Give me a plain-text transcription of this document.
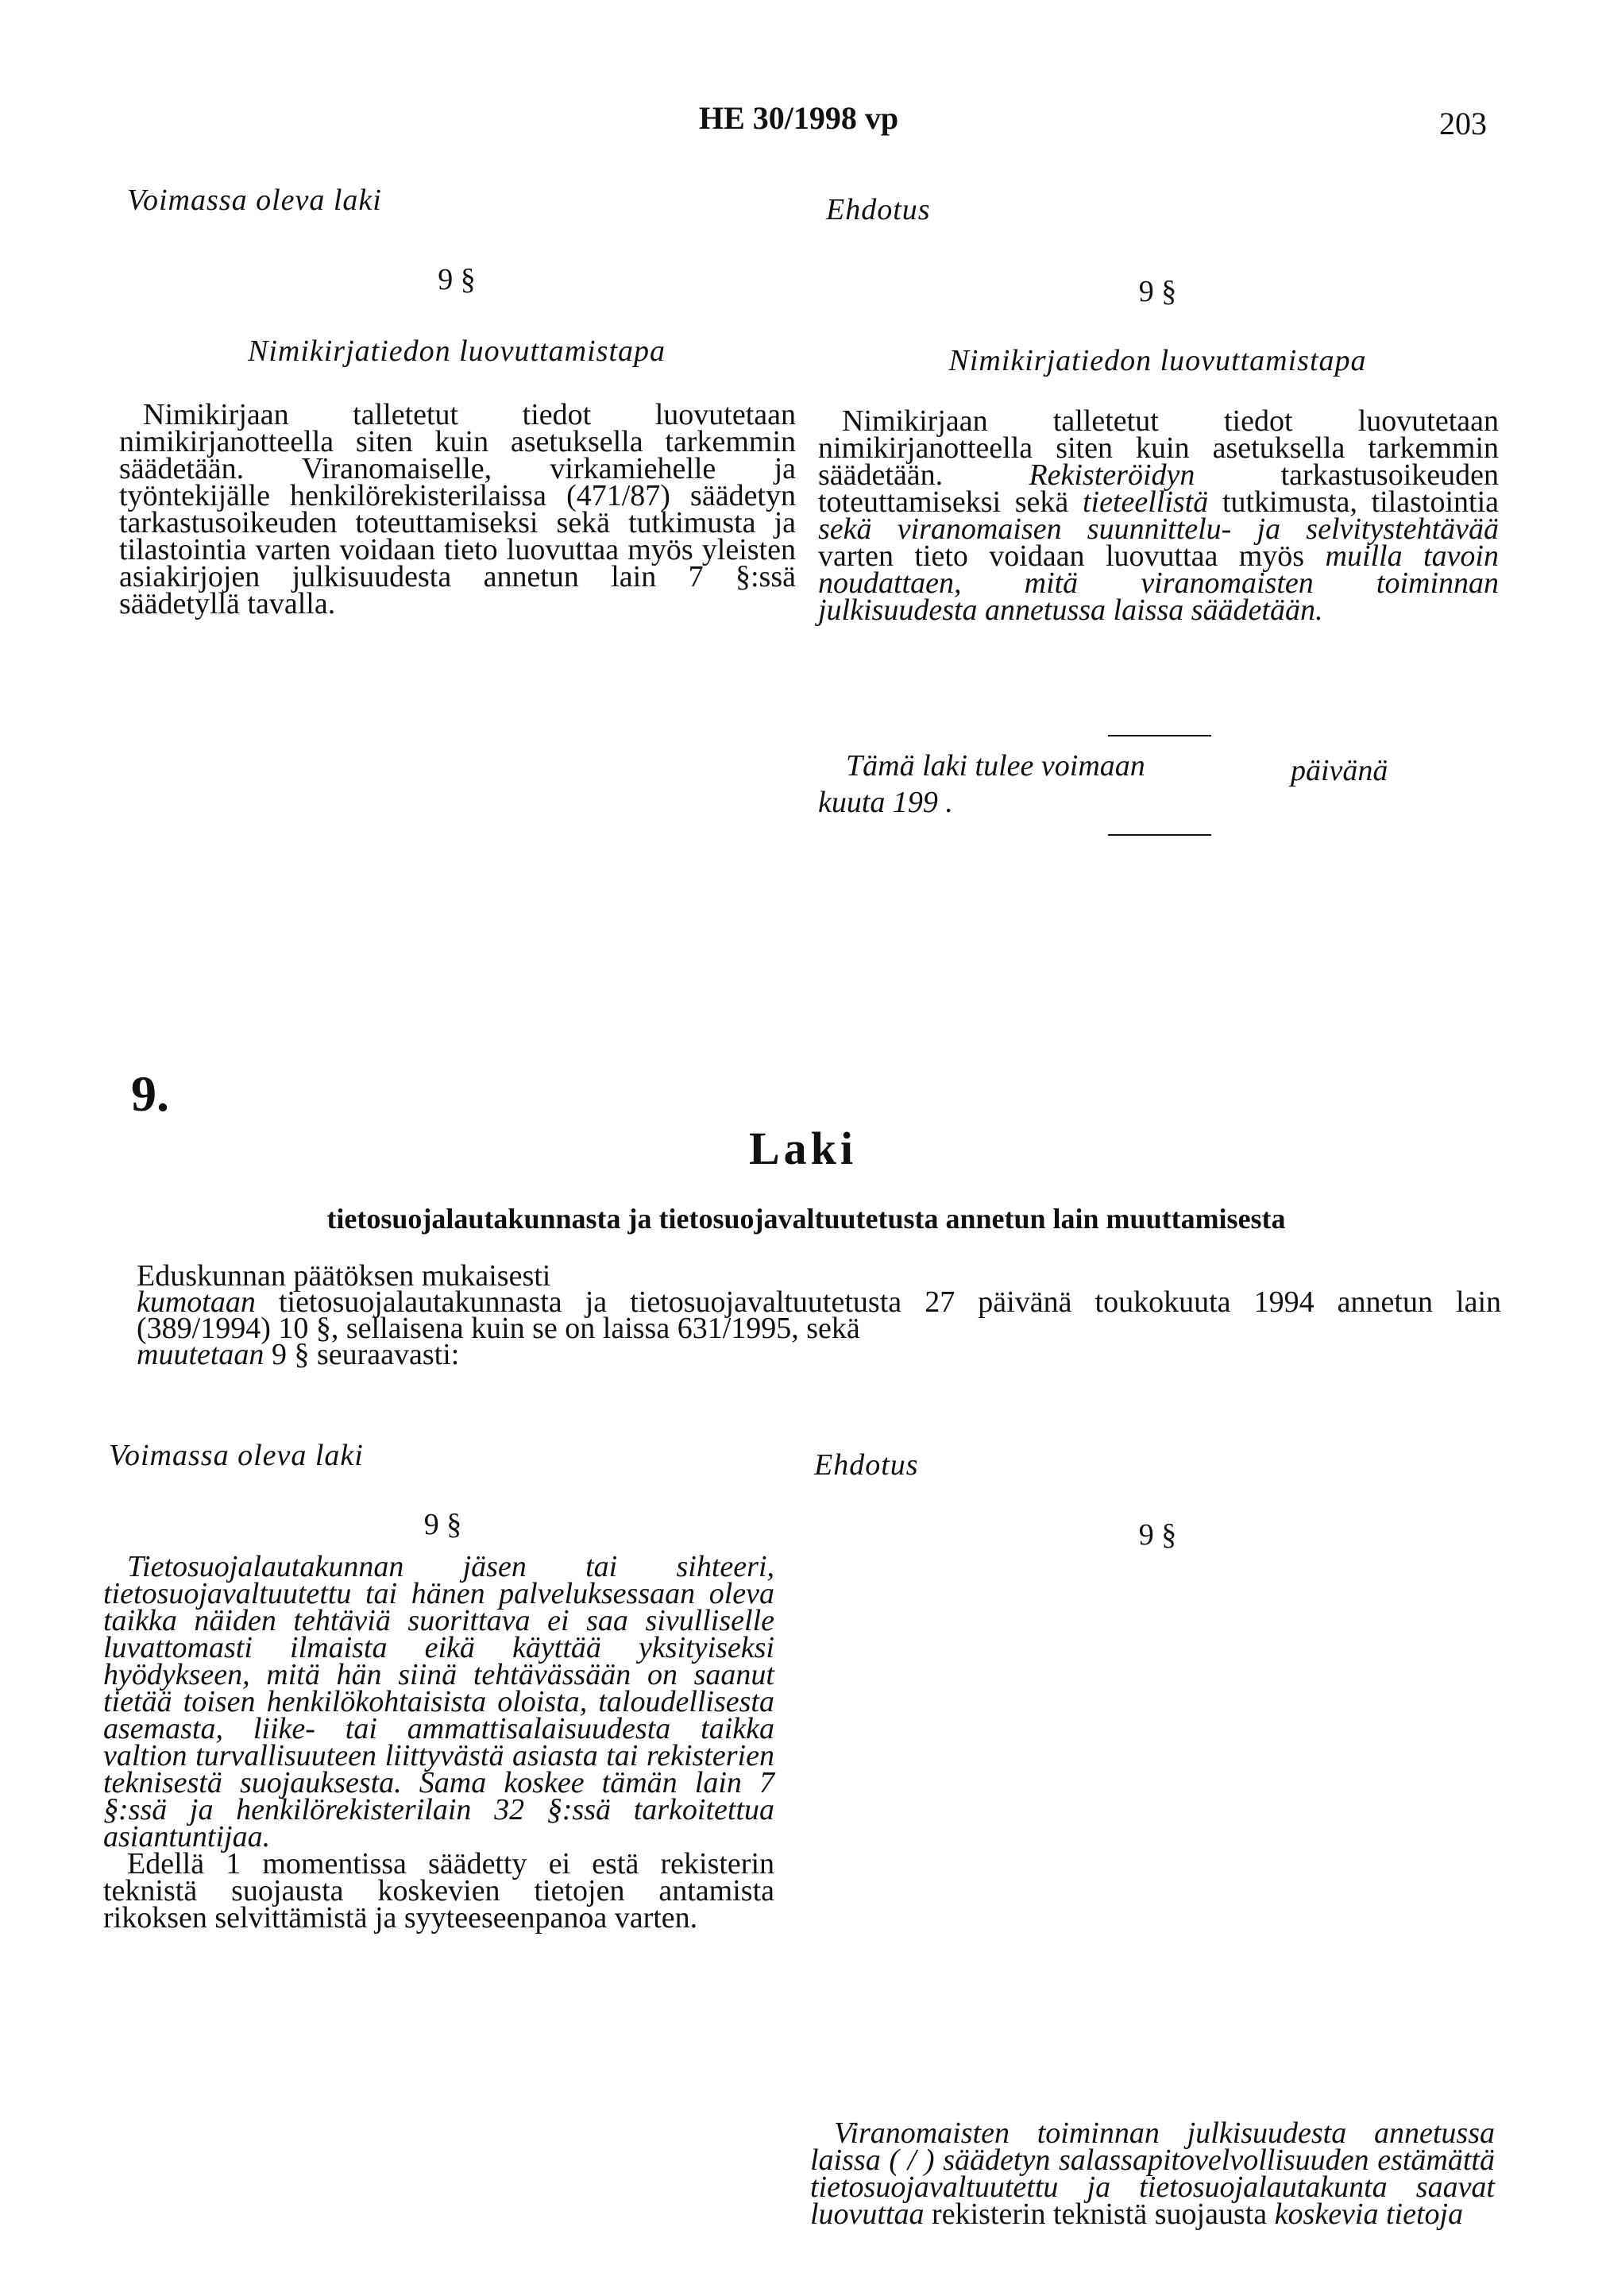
HE 30/1998 vp	203
Voimassa oleva laki	Ehdotus
9 §
Nimikirjatiedon luovuttamistapa

Nimikirjaan talletetut tiedot luovutetaan nimikirjanotteella siten kuin asetuksella tarkemmin säädetään. Viranomaiselle, virkamiehelle ja työntekijälle henkilörekisterilaissa (471/87) säädetyn tarkastusoikeuden toteuttamiseksi sekä tutkimusta ja tilastointia varten voidaan tieto luovuttaa myös yleisten asiakirjojen julkisuudesta annetun lain 7 §:ssä säädetyllä tavalla.

9 §
Nimikirjatiedon luovuttamistapa

Nimikirjaan talletetut tiedot luovutetaan nimikirjanotteella siten kuin asetuksella tarkemmin säädetään. Rekisteröidyn tarkastusoikeuden toteuttamiseksi sekä tieteellistä tutkimusta, tilastointia sekä viranomaisen suunnittelu- ja selvitystehtävää varten tieto voidaan luovuttaa myös muilla tavoin noudattaen, mitä viranomaisten toiminnan julkisuudesta annetussa laissa säädetään.

Tämä laki tulee voimaan	päivänä
kuuta 199 .
9.
Laki
tietosuojalautakunnasta ja tietosuojavaltuutetusta annetun lain muuttamisesta

Eduskunnan päätöksen mukaisesti

kumotaan tietosuojalautakunnasta ja tietosuojavaltuutetusta 27 päivänä toukokuuta 1994 annetun lain (389/1994) 10 §, sellaisena kuin se on laissa 631/1995, sekä

muutetaan 9 § seuraavasti:

Voimassa oleva laki	Ehdotus
9 §

Tietosuojalautakunnan jäsen tai sihteeri, tietosuojavaltuutettu tai hänen palveluksessaan oleva taikka näiden tehtäviä suorittava ei saa sivulliselle luvattomasti ilmaista eikä käyttää yksityiseksi hyödykseen, mitä hän siinä tehtävässään on saanut tietää toisen henkilökohtaisista oloista, taloudellisesta asemasta, liike- tai ammattisalaisuudesta taikka valtion turvallisuuteen liittyvästä asiasta tai rekisterien teknisestä suojauksesta. Sama koskee tämän lain 7 §:ssä ja henkilörekisterilain 32 §:ssä tarkoitettua asiantuntijaa.

Edellä 1 momentissa säädetty ei estä rekisterin teknistä suojausta koskevien tietojen antamista rikoksen selvittämistä ja syyteeseenpanoa varten.

9 §

Viranomaisten toiminnan julkisuudesta annetussa laissa ( / ) säädetyn salassapitovelvollisuuden estämättä tietosuojavaltuutettu ja tietosuojalautakunta saavat luovuttaa rekisterin teknistä suojausta koskevia tietoja
